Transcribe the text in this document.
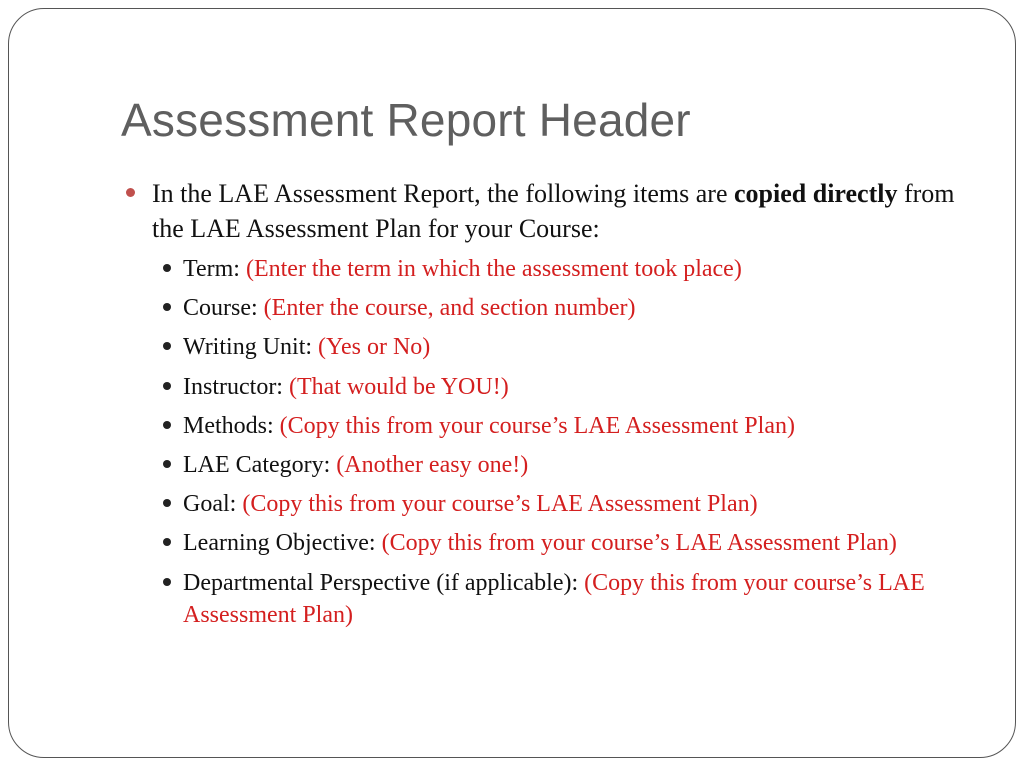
Assessment Report Header
In the LAE Assessment Report, the following items are copied directly from the LAE Assessment Plan for your Course:
Term: (Enter the term in which the assessment took place)
Course: (Enter the course, and section number)
Writing Unit: (Yes or No)
Instructor: (That would be YOU!)
Methods: (Copy this from your course’s LAE Assessment Plan)
LAE Category: (Another easy one!)
Goal: (Copy this from your course’s LAE Assessment Plan)
Learning Objective: (Copy this from your course’s LAE Assessment Plan)
Departmental Perspective (if applicable): (Copy this from your course’s LAE Assessment Plan)
